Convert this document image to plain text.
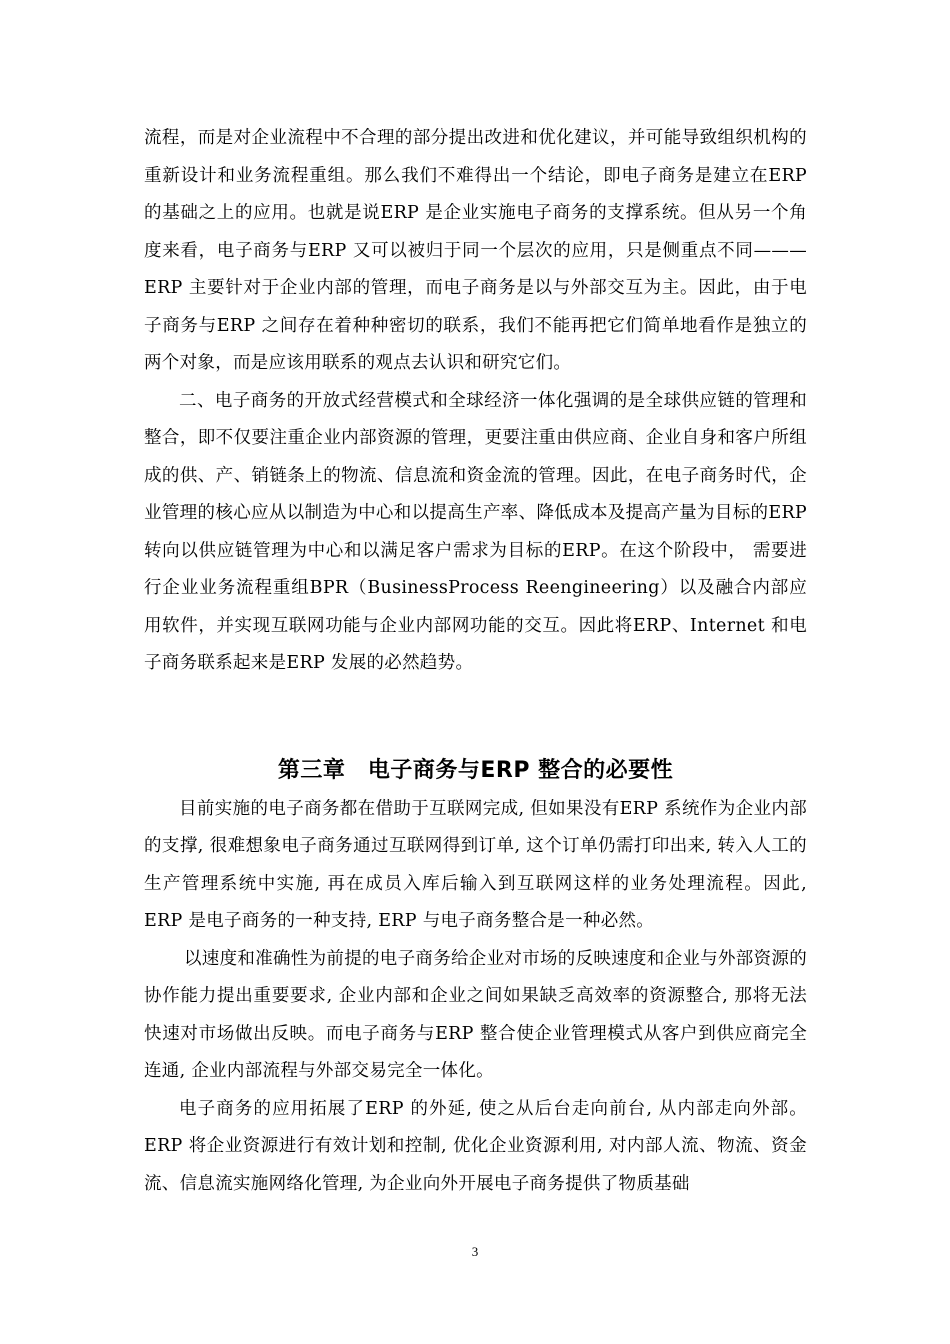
流程，而是对企业流程中不合理的部分提出改进和优化建议，并可能导致组织机构的重新设计和业务流程重组。那么我们不难得出一个结论，即电子商务是建立在ERP 的基础之上的应用。也就是说ERP 是企业实施电子商务的支撑系统。但从另一个角度来看，电子商务与ERP 又可以被归于同一个层次的应用，只是侧重点不同———ERP 主要针对于企业内部的管理，而电子商务是以与外部交互为主。因此，由于电子商务与ERP 之间存在着种种密切的联系，我们不能再把它们简单地看作是独立的两个对象，而是应该用联系的观点去认识和研究它们。

二、电子商务的开放式经营模式和全球经济一体化强调的是全球供应链的管理和整合，即不仅要注重企业内部资源的管理，更要注重由供应商、企业自身和客户所组成的供、产、销链条上的物流、信息流和资金流的管理。因此，在电子商务时代，企业管理的核心应从以制造为中心和以提高生产率、降低成本及提高产量为目标的ERP 转向以供应链管理为中心和以满足客户需求为目标的ERP。在这个阶段中， 需要进行企业业务流程重组BPR（BusinessProcess Reengineering）以及融合内部应用软件，并实现互联网功能与企业内部网功能的交互。因此将ERP、Internet 和电子商务联系起来是ERP 发展的必然趋势。

第三章　电子商务与ERP 整合的必要性

目前实施的电子商务都在借助于互联网完成, 但如果没有ERP 系统作为企业内部的支撑, 很难想象电子商务通过互联网得到订单, 这个订单仍需打印出来, 转入人工的生产管理系统中实施, 再在成员入库后输入到互联网这样的业务处理流程。因此, ERP 是电子商务的一种支持, ERP 与电子商务整合是一种必然。

以速度和准确性为前提的电子商务给企业对市场的反映速度和企业与外部资源的协作能力提出重要要求, 企业内部和企业之间如果缺乏高效率的资源整合, 那将无法快速对市场做出反映。而电子商务与ERP 整合使企业管理模式从客户到供应商完全连通, 企业内部流程与外部交易完全一体化。

电子商务的应用拓展了ERP 的外延, 使之从后台走向前台, 从内部走向外部。ERP 将企业资源进行有效计划和控制, 优化企业资源利用, 对内部人流、物流、资金流、信息流实施网络化管理, 为企业向外开展电子商务提供了物质基础

3
